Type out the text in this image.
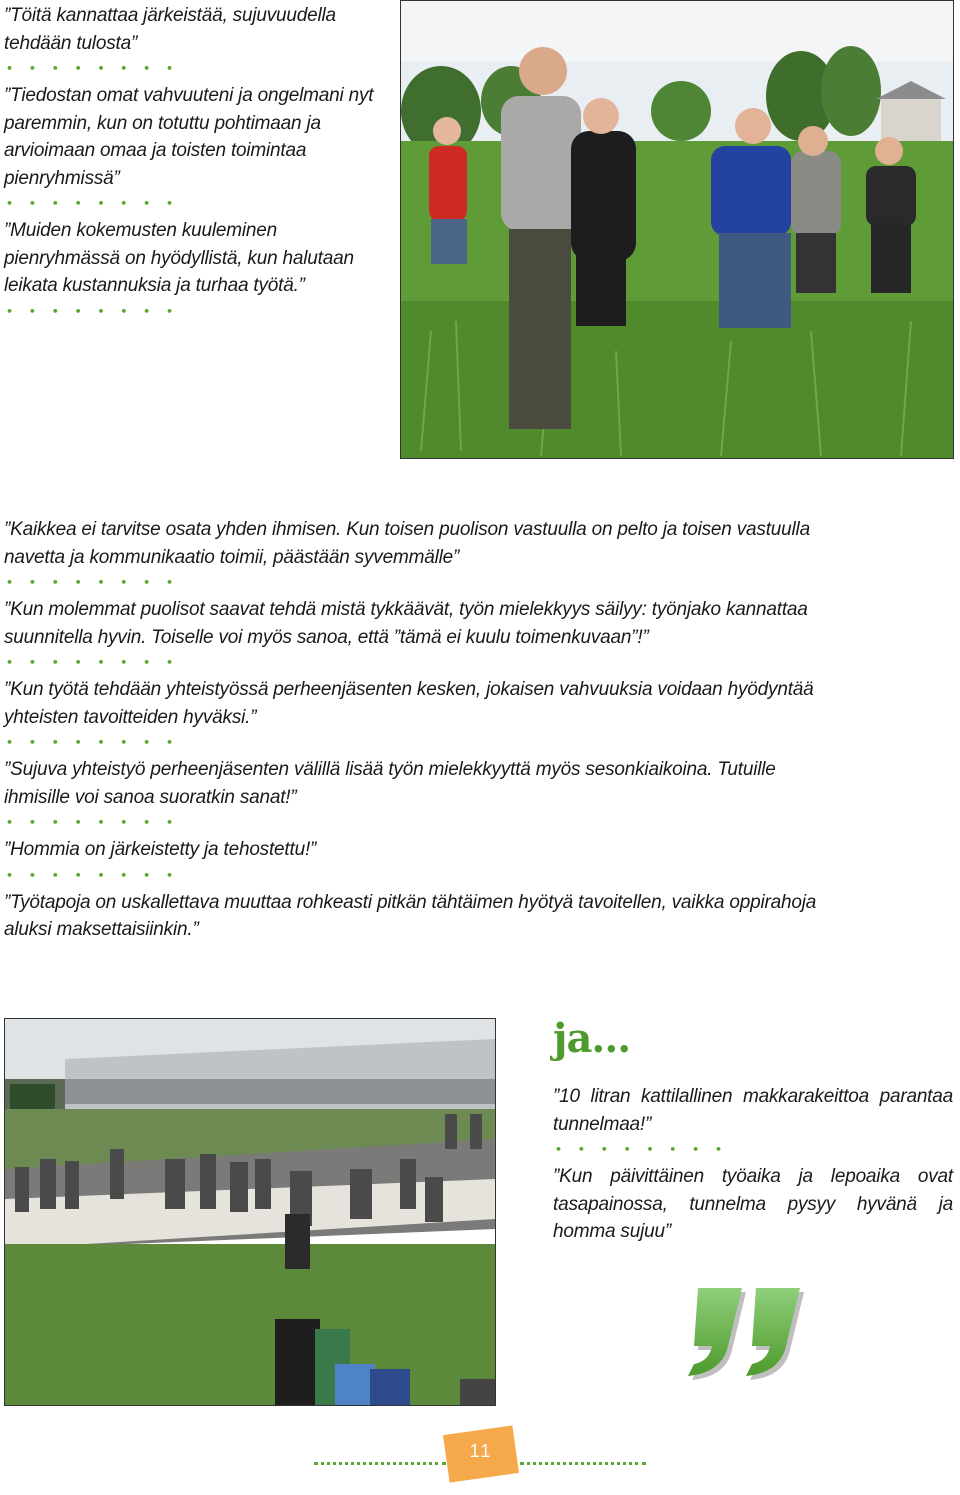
”Töitä kannattaa järkeistää, sujuvuudella tehdään tulosta”

• • • • • • • •

”Tiedostan omat vahvuuteni ja ongelmani nyt paremmin, kun on totuttu pohtimaan ja arvioimaan omaa ja toisten toimintaa pienryhmissä”

• • • • • • • •

”Muiden kokemusten kuuleminen pienryhmässä on hyödyllistä, kun halutaan leikata kustannuksia ja turhaa työtä.”

• • • • • • • •

”Kaikkea ei tarvitse osata yhden ihmisen. Kun toisen puolison vastuulla on pelto ja toisen vastuulla navetta ja kommunikaatio toimii, päästään syvemmälle”

• • • • • • • •

”Kun molemmat puolisot saavat tehdä mistä tykkäävät, työn mielekkyys säilyy: työnjako kannattaa suunnitella hyvin. Toiselle voi myös sanoa, että ”tämä ei kuulu toimenkuvaan”!”

• • • • • • • •

”Kun työtä tehdään yhteistyössä perheenjäsenten kesken, jokaisen vahvuuksia voidaan hyödyntää yhteisten tavoitteiden hyväksi.”

• • • • • • • •

”Sujuva yhteistyö perheenjäsenten välillä lisää työn mielekkyyttä myös sesonkiaikoina. Tutuille ihmisille voi sanoa suoratkin sanat!”

• • • • • • • •

”Hommia on järkeistetty ja tehostettu!”

• • • • • • • •

”Työtapoja on uskallettava muuttaa rohkeasti pitkän tähtäimen hyötyä tavoitellen, vaikka oppirahoja aluksi maksettaisiinkin.”

ja...

”10 litran kattilallinen makkarakeittoa parantaa tunnelmaa!”

• • • • • • • •

”Kun päivittäinen työaika ja lepoaika ovat tasapainossa, tunnelma pysyy hyvänä ja homma sujuu”

11
